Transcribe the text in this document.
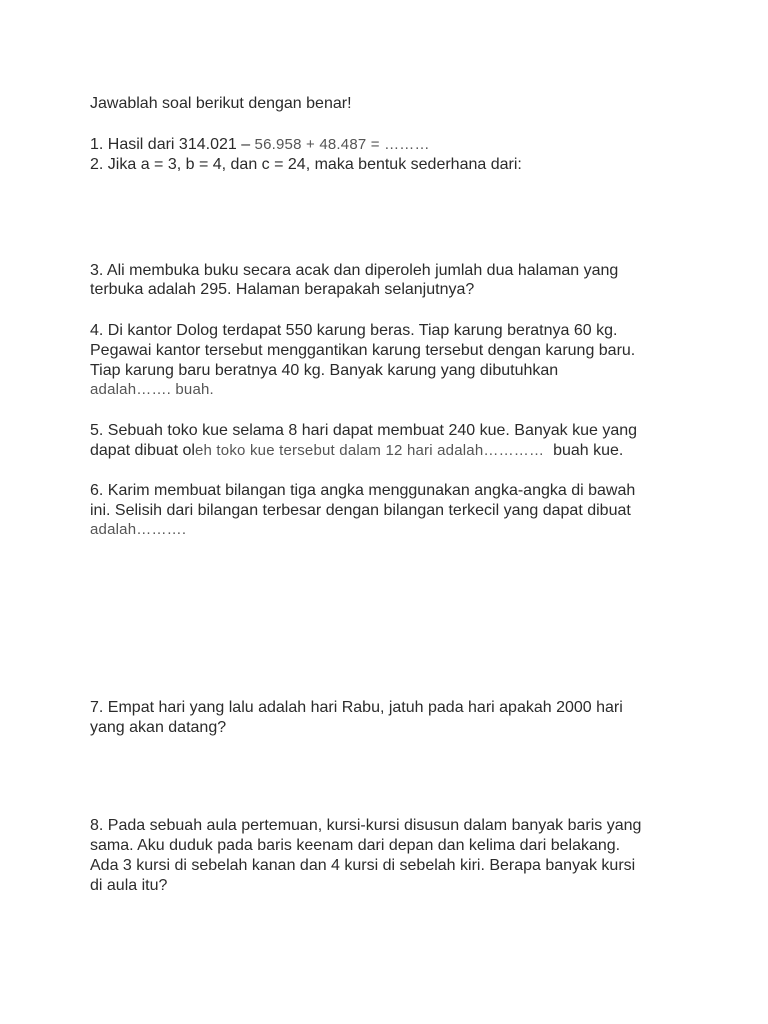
Jawablah soal berikut dengan benar!
1. Hasil dari 314.021 – 56.958 + 48.487 = ………
2. Jika a = 3, b = 4, dan c = 24, maka bentuk sederhana dari:
3. Ali membuka buku secara acak dan diperoleh jumlah dua halaman yang
terbuka adalah 295. Halaman berapakah selanjutnya?
4. Di kantor Dolog terdapat 550 karung beras. Tiap karung beratnya 60 kg.
Pegawai kantor tersebut menggantikan karung tersebut dengan karung baru.
Tiap karung baru beratnya 40 kg. Banyak karung yang dibutuhkan
adalah……. buah.
5. Sebuah toko kue selama 8 hari dapat membuat 240 kue. Banyak kue yang
dapat dibuat oleh toko kue tersebut dalam 12 hari adalah…………  buah kue.
6. Karim membuat bilangan tiga angka menggunakan angka-angka di bawah
ini. Selisih dari bilangan terbesar dengan bilangan terkecil yang dapat dibuat
adalah……….
7. Empat hari yang lalu adalah hari Rabu, jatuh pada hari apakah 2000 hari
yang akan datang?
8. Pada sebuah aula pertemuan, kursi-kursi disusun dalam banyak baris yang
sama. Aku duduk pada baris keenam dari depan dan kelima dari belakang.
Ada 3 kursi di sebelah kanan dan 4 kursi di sebelah kiri. Berapa banyak kursi
di aula itu?
